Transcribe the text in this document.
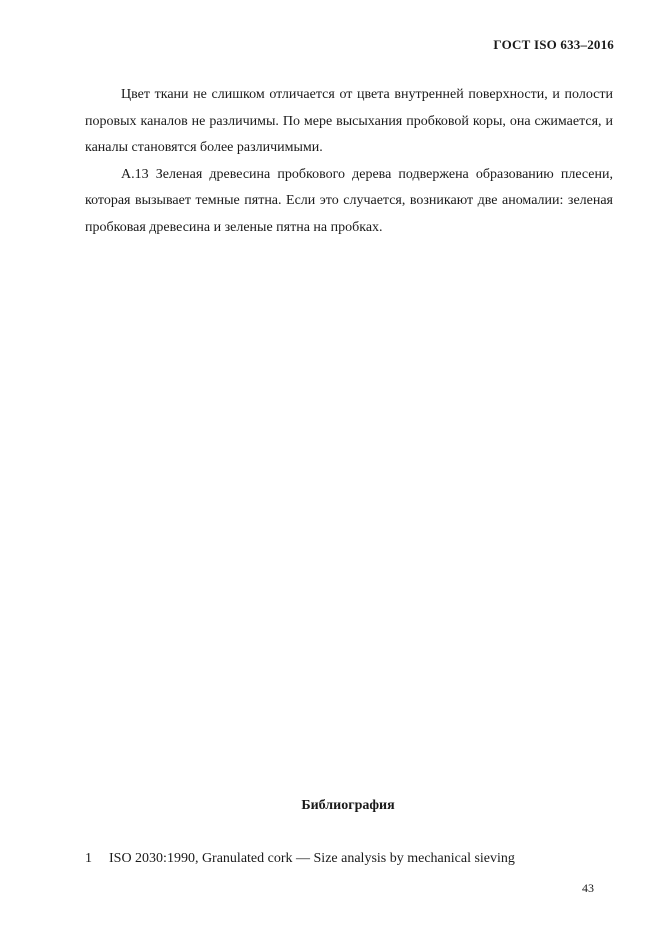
ГОСТ ISO 633–2016

Цвет ткани не слишком отличается от цвета внутренней поверхности, и полости поровых каналов не различимы. По мере высыхания пробковой коры, она сжимается, и каналы становятся более различимыми.

А.13 Зеленая древесина пробкового дерева подвержена образованию плесени, которая вызывает темные пятна. Если это случается, возникают две аномалии: зеленая пробковая древесина и зеленые пятна на пробках.

Библиография
1 ISO 2030:1990, Granulated cork — Size analysis by mechanical sieving
43
